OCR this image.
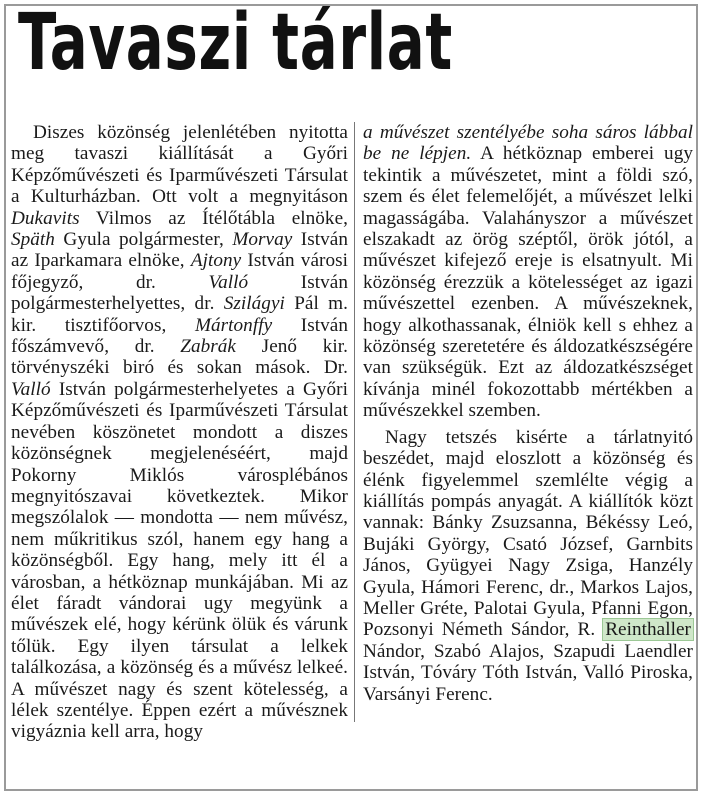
Tavaszi tárlat

Diszes közönség jelenlétében nyitotta meg tavaszi kiállítását a Győri Képzőművészeti és Iparművészeti Társulat a Kulturházban. Ott volt a megnyitáson Dukavits Vilmos az Ítélőtábla elnöke, Späth Gyula polgármester, Morvay István az Iparkamara elnöke, Ajtony István városi főjegyző, dr. Valló István polgármesterhelyettes, dr. Szilágyi Pál m. kir. tisztifőorvos, Mártonffy István főszámvevő, dr. Zabrák Jenő kir. törvényszéki biró és sokan mások. Dr. Valló István polgármesterhelyetes a Győri Képzőművészeti és Iparművészeti Társulat nevében köszönetet mondott a diszes közönségnek megjelenéséért, majd Pokorny Miklós városplébános megnyitószavai következtek. Mikor megszólalok — mondotta — nem művész, nem műkritikus szól, hanem egy hang a közönségből. Egy hang, mely itt él a városban, a hétköznap munkájában. Mi az élet fáradt vándorai ugy megyünk a művészek elé, hogy kérünk ölük és várunk tőlük. Egy ilyen társulat a lelkek találkozása, a közönség és a művész lelkeé. A művészet nagy és szent kötelesség, a lélek szentélye. Éppen ezért a művésznek vigyáznia kell arra, hogy

a művészet szentélyébe soha sáros lábbal be ne lépjen. A hétköznap emberei ugy tekintik a művészetet, mint a földi szó, szem és élet felemelőjét, a művészet lelki magasságába. Valahányszor a művészet elszakadt az örög széptől, örök jótól, a művészet kifejező ereje is elsatnyult. Mi közönség érezzük a kötelességet az igazi művészettel ezenben. A művészeknek, hogy alkothassanak, élniök kell s ehhez a közönség szeretetére és áldozatkészségére van szükségük. Ezt az áldozatkészséget kívánja minél fokozottabb mértékben a művészekkel szemben.

Nagy tetszés kisérte a tárlatnyitó beszédet, majd eloszlott a közönség és élénk figyelemmel szemlélte végig a kiállítás pompás anyagát. A kiállítók közt vannak: Bánky Zsuzsanna, Békéssy Leó, Bujáki György, Csató József, Garnbits János, Gyügyei Nagy Zsiga, Hanzély Gyula, Hámori Ferenc, dr., Markos Lajos, Meller Gréte, Palotai Gyula, Pfanni Egon, Pozsonyi Németh Sándor, R. Reinthaller Nándor, Szabó Alajos, Szapudi Laendler István, Tóváry Tóth István, Valló Piroska, Varsányi Ferenc.
